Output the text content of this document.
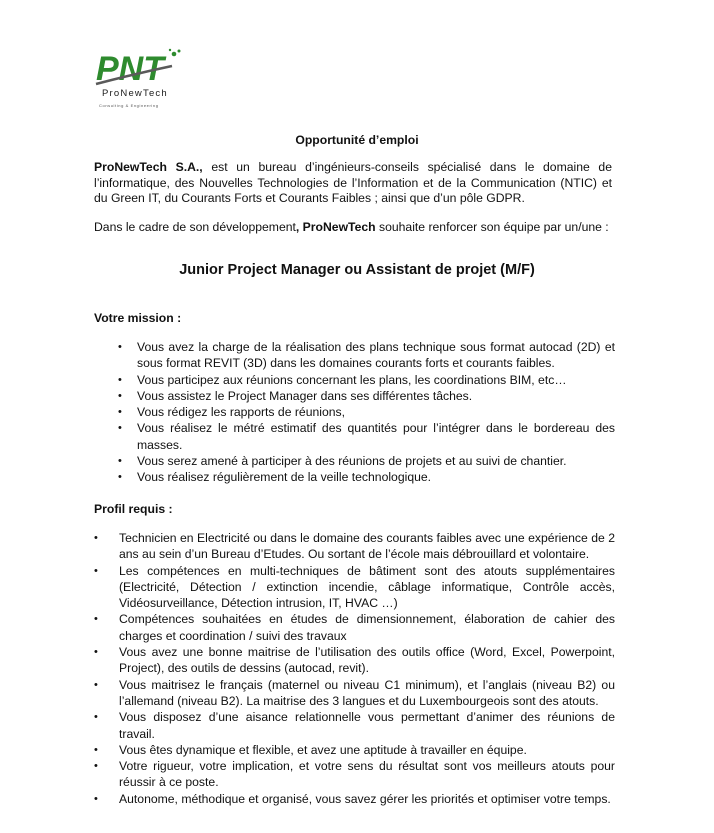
PNT
ProNewTech
Consulting & Engineering
Opportunité d’emploi

ProNewTech S.A., est un bureau d’ingénieurs-conseils spécialisé dans le domaine de l’informatique, des Nouvelles Technologies de l’Information et de la Communication (NTIC) et du Green IT, du Courants Forts et Courants Faibles ; ainsi que d’un pôle GDPR.

Dans le cadre de son développement, ProNewTech souhaite renforcer son équipe par un/une :

Junior Project Manager ou Assistant de projet (M/F)

Votre mission :

• Vous avez la charge de la réalisation des plans technique sous format autocad (2D) et sous format REVIT (3D) dans les domaines courants forts et courants faibles.
• Vous participez aux réunions concernant les plans, les coordinations BIM, etc…
• Vous assistez le Project Manager dans ses différentes tâches.
• Vous rédigez les rapports de réunions,
• Vous réalisez le métré estimatif des quantités pour l’intégrer dans le bordereau des masses.
• Vous serez amené à participer à des réunions de projets et au suivi de chantier.
• Vous réalisez régulièrement de la veille technologique.

Profil requis :

• Technicien en Electricité ou dans le domaine des courants faibles avec une expérience de 2 ans au sein d’un Bureau d’Etudes. Ou sortant de l’école mais débrouillard et volontaire.
• Les compétences en multi-techniques de bâtiment sont des atouts supplémentaires (Electricité, Détection / extinction incendie, câblage informatique, Contrôle accès, Vidéosurveillance, Détection intrusion, IT, HVAC …)
• Compétences souhaitées en études de dimensionnement, élaboration de cahier des charges et coordination / suivi des travaux
• Vous avez une bonne maitrise de l’utilisation des outils office (Word, Excel, Powerpoint, Project), des outils de dessins (autocad, revit).
• Vous maitrisez le français (maternel ou niveau C1 minimum), et l’anglais (niveau B2) ou l’allemand (niveau B2). La maitrise des 3 langues et du Luxembourgeois sont des atouts.
• Vous disposez d’une aisance relationnelle vous permettant d’animer des réunions de travail.
• Vous êtes dynamique et flexible, et avez une aptitude à travailler en équipe.
• Votre rigueur, votre implication, et votre sens du résultat sont vos meilleurs atouts pour réussir à ce poste.
• Autonome, méthodique et organisé, vous savez gérer les priorités et optimiser votre temps.
